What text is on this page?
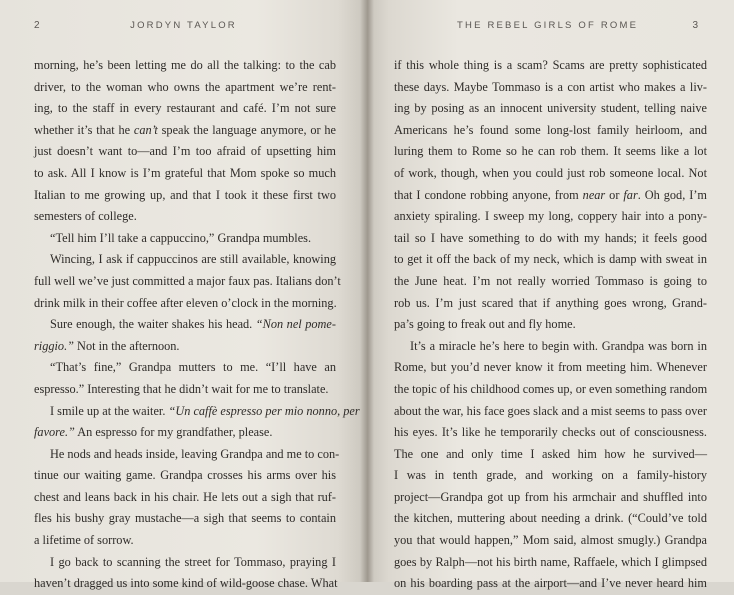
2	JORDYN TAYLOR
morning, he’s been letting me do all the talking: to the cab
driver, to the woman who owns the apartment we’re rent-
ing, to the staff in every restaurant and café. I’m not sure
whether it’s that he can’t speak the language anymore, or he
just doesn’t want to—and I’m too afraid of upsetting him
to ask. All I know is I’m grateful that Mom spoke so much
Italian to me growing up, and that I took it these first two
semesters of college.
“Tell him I’ll take a cappuccino,” Grandpa mumbles.
Wincing, I ask if cappuccinos are still available, knowing
full well we’ve just committed a major faux pas. Italians don’t
drink milk in their coffee after eleven o’clock in the morning.
Sure enough, the waiter shakes his head. “Non nel pome-
riggio.” Not in the afternoon.
“That’s fine,” Grandpa mutters to me. “I’ll have an
espresso.” Interesting that he didn’t wait for me to translate.
I smile up at the waiter. “Un caffè espresso per mio nonno, per
favore.” An espresso for my grandfather, please.
He nods and heads inside, leaving Grandpa and me to con-
tinue our waiting game. Grandpa crosses his arms over his
chest and leans back in his chair. He lets out a sigh that ruf-
fles his bushy gray mustache—a sigh that seems to contain
a lifetime of sorrow.
I go back to scanning the street for Tommaso, praying I
haven’t dragged us into some kind of wild-goose chase. What
THE REBEL GIRLS OF ROME	3
if this whole thing is a scam? Scams are pretty sophisticated
these days. Maybe Tommaso is a con artist who makes a liv-
ing by posing as an innocent university student, telling naive
Americans he’s found some long-lost family heirloom, and
luring them to Rome so he can rob them. It seems like a lot
of work, though, when you could just rob someone local. Not
that I condone robbing anyone, from near or far. Oh god, I’m
anxiety spiraling. I sweep my long, coppery hair into a pony-
tail so I have something to do with my hands; it feels good
to get it off the back of my neck, which is damp with sweat in
the June heat. I’m not really worried Tommaso is going to
rob us. I’m just scared that if anything goes wrong, Grand-
pa’s going to freak out and fly home.
It’s a miracle he’s here to begin with. Grandpa was born in
Rome, but you’d never know it from meeting him. Whenever
the topic of his childhood comes up, or even something random
about the war, his face goes slack and a mist seems to pass over
his eyes. It’s like he temporarily checks out of consciousness.
The one and only time I asked him how he survived—
I was in tenth grade, and working on a family-history
project—Grandpa got up from his armchair and shuffled into
the kitchen, muttering about needing a drink. (“Could’ve told
you that would happen,” Mom said, almost smugly.) Grandpa
goes by Ralph—not his birth name, Raffaele, which I glimpsed
on his boarding pass at the airport—and I’ve never heard him
